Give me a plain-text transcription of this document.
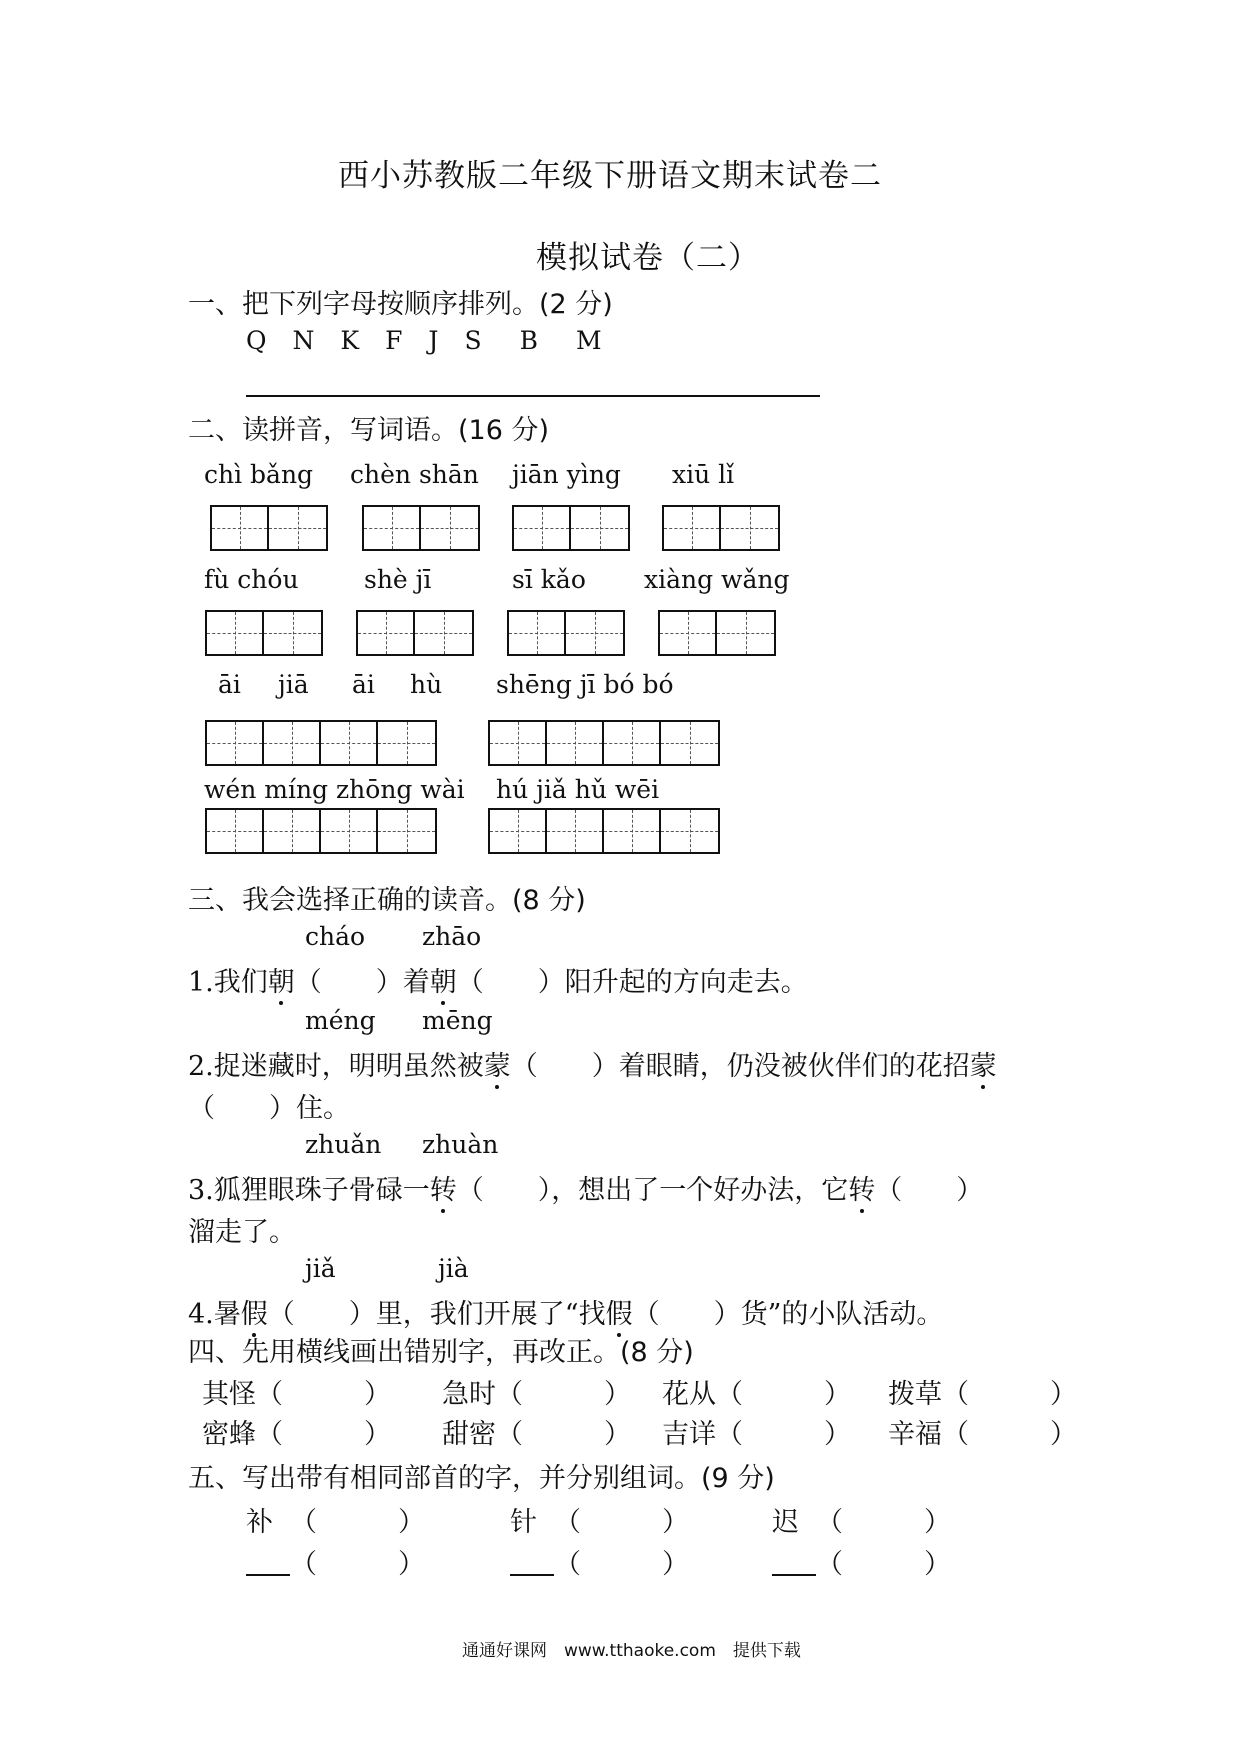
西小苏教版二年级下册语文期末试卷二
模拟试卷（二）
一、把下列字母按顺序排列。(2 分)
Q N K F J S B M
二、读拼音，写词语。(16 分)
chì bǎng chèn shān jiān yìng xiū lǐ
fù chóu	shè jī	sī kǎo xiàng wǎng
āi jiā āi hù shēng jī bó bó
wén míng zhōng wài hú jiǎ hǔ wēi
三、我会选择正确的读音。(8 分)
cháo zhāo
1.我们朝（　　）着朝（　　）阳升起的方向走去。
méng mēng
2.捉迷藏时，明明虽然被蒙（　　）着眼睛，仍没被伙伴们的花招蒙
（　　）住。
zhuǎn zhuàn
3.狐狸眼珠子骨碌一转（　　），想出了一个好办法，它转（　　）
溜走了。
jiǎ	jià
4.暑假（　　）里，我们开展了“找假（　　）货”的小队活动。
四、先用横线画出错别字，再改正。(8 分)
其怪（　　　） 急时（　　　） 花从（　　　） 拨草（　　　）
密蜂（　　　） 甜密（　　　） 吉详（　　　） 辛福（　　　）
五、写出带有相同部首的字，并分别组词。(9 分)
补 （　　　）	针 （　　　）	迟 （　　　）
（　　　）	（　　　）	（　　　）
通通好课网　www.tthaoke.com　提供下载
